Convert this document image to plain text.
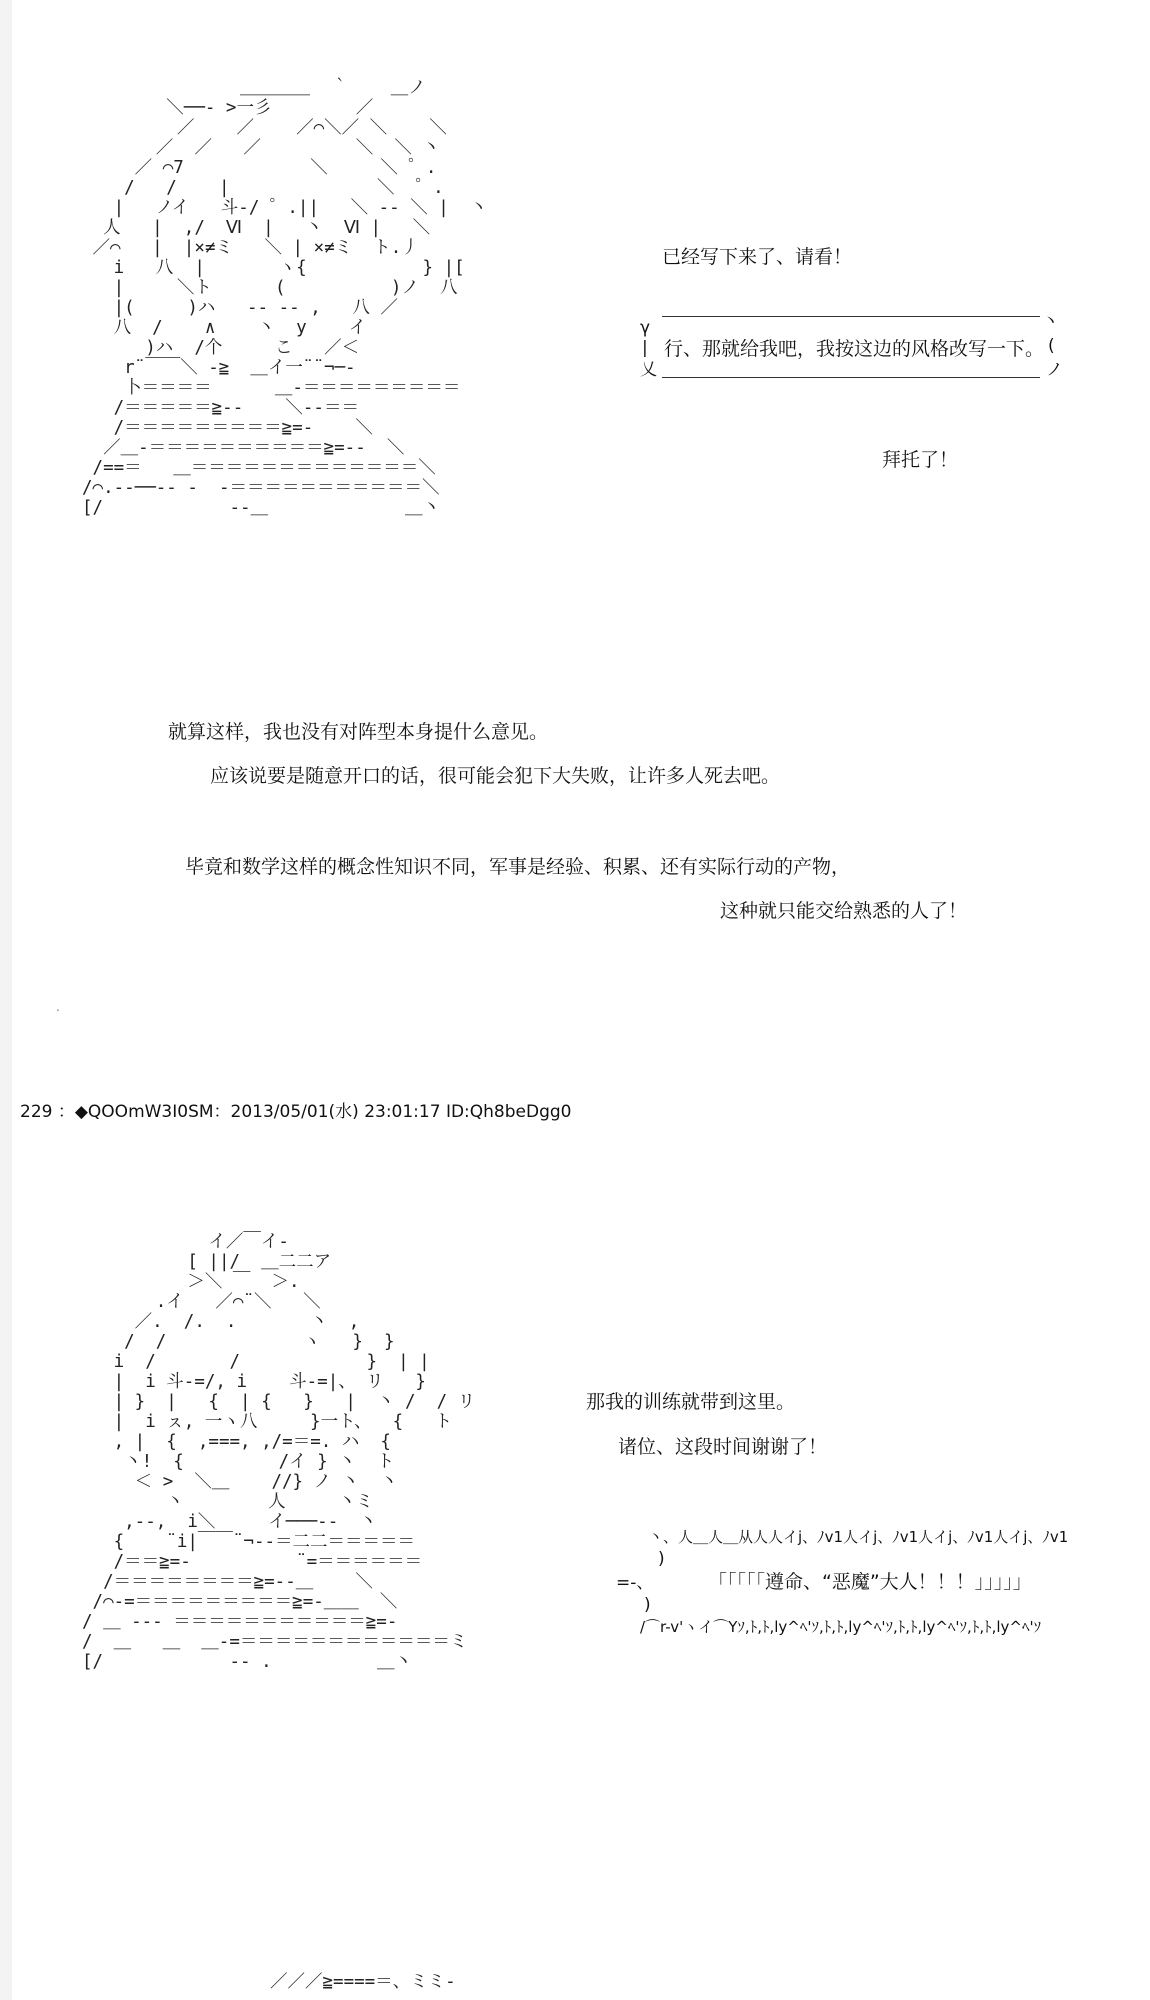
＿＿＿＿  ｀    ＿ノ
＼──- >一彡        ／
／    ／    ／⌒＼／ ＼    ＼
／  ／   ／         ＼  ＼ 丶
／ ⌒7            ＼     ＼ ゜.
/   /    |              ＼  ゜.
|   ノイ   斗-/ ゜.||   ＼ -- ＼ |  丶
人   |  ,/  Ⅵ  |   丶  Ⅵ |   ＼
／⌒   |  |×≠ミ   ＼ | ×≠ミ  ト.丿
i   八  |       ヽ{           } |[
|     ＼ト      (          )ノ  八
|(     )ハ   -- -- ,   八 ／
八  /    ∧    丶  y    イ
)ハ  /个     こ   ／＜
r¨￣￣＼ -≧  ＿イ一¨¨¬─-
卜＝＝＝＝      ＿-＝＝＝＝＝＝＝＝＝
/＝＝＝＝＝≧--    ＼--＝＝
/＝＝＝＝＝＝＝＝＝≧=-    ＼
／＿-＝＝＝＝＝＝＝＝＝＝≧=--  ＼
/==＝   ＿＝＝＝＝＝＝＝＝＝＝＝＝＝＼
/⌒.--──-- -  -＝＝＝＝＝＝＝＝＝＝＝＼
[/            --＿             ＿丶
已经写下来了、请看！
γ
|
乂
丶
(
ノ
行、那就给我吧，我按这边的风格改写一下。
拜托了！
就算这样，我也没有对阵型本身提什么意见。
应该说要是随意开口的话，很可能会犯下大失败，让许多人死去吧。
毕竟和数学这样的概念性知识不同，军事是经验、积累、还有实际行动的产物，
这种就只能交给熟悉的人了！
.
229 ：◆QOOmW3I0SM：2013/05/01(水) 23:01:17 ID:Qh8beDgg0
イ／￣イ-
[ ||/  ＿二二ア
＞＼ ￣  ＞.
.イ   ／⌒¨＼   ＼
／.  /.  .       丶  ,
/  /             ヽ   }  }
i  /       /            }  | |
|  i 斗-=/, i    斗-=|、 リ   }
| }  |   {  | {   }   |  丶 /  / リ
|  i ㇲ, 一ヽ八     }一ト、  {   ト
, |  {  ,===, ,/=＝=. ハ  {
丶!  {         /イ } 丶  ト
＜ >  ＼＿    //} ノ 丶  丶
丶        人     丶ミ
,--,  i＼     イ───--  丶
{    ¨i|￣￣¨¬--＝二二＝＝＝＝＝
/＝＝≧=-          ¨=＝＝＝＝＝＝
/＝＝＝＝＝＝＝＝≧=--＿    ＼
/⌒-=＝＝＝＝＝＝＝＝＝≧=-＿＿  ＼
/ ＿ --- ＝＝＝＝＝＝＝＝＝＝＝≧=-
/  ＿   ＿  ＿-=＝＝＝＝＝＝＝＝＝＝＝＝ミ
[/            -- .          ＿丶
那我的训练就带到这里。
诸位、这段时间谢谢了！
丶、人＿人＿从人人イj、ﾉv1人イj、ﾉv1人イj、ﾉv1人イj、ﾉv1
)
=-、
)
「「「「「遵命、“恶魔”大人！！！」」」」」
/⌒r-v'ヽイ⌒Yｿ,ﾄ,ﾄ,ly^ﾍ'ｿ,ﾄ,ﾄ,ly^ﾍ'ｿ,ﾄ,ﾄ,ly^ﾍ'ｿ,ﾄ,ﾄ,ly^ﾍ'ｿ
／／／≧====＝、ミミ-
